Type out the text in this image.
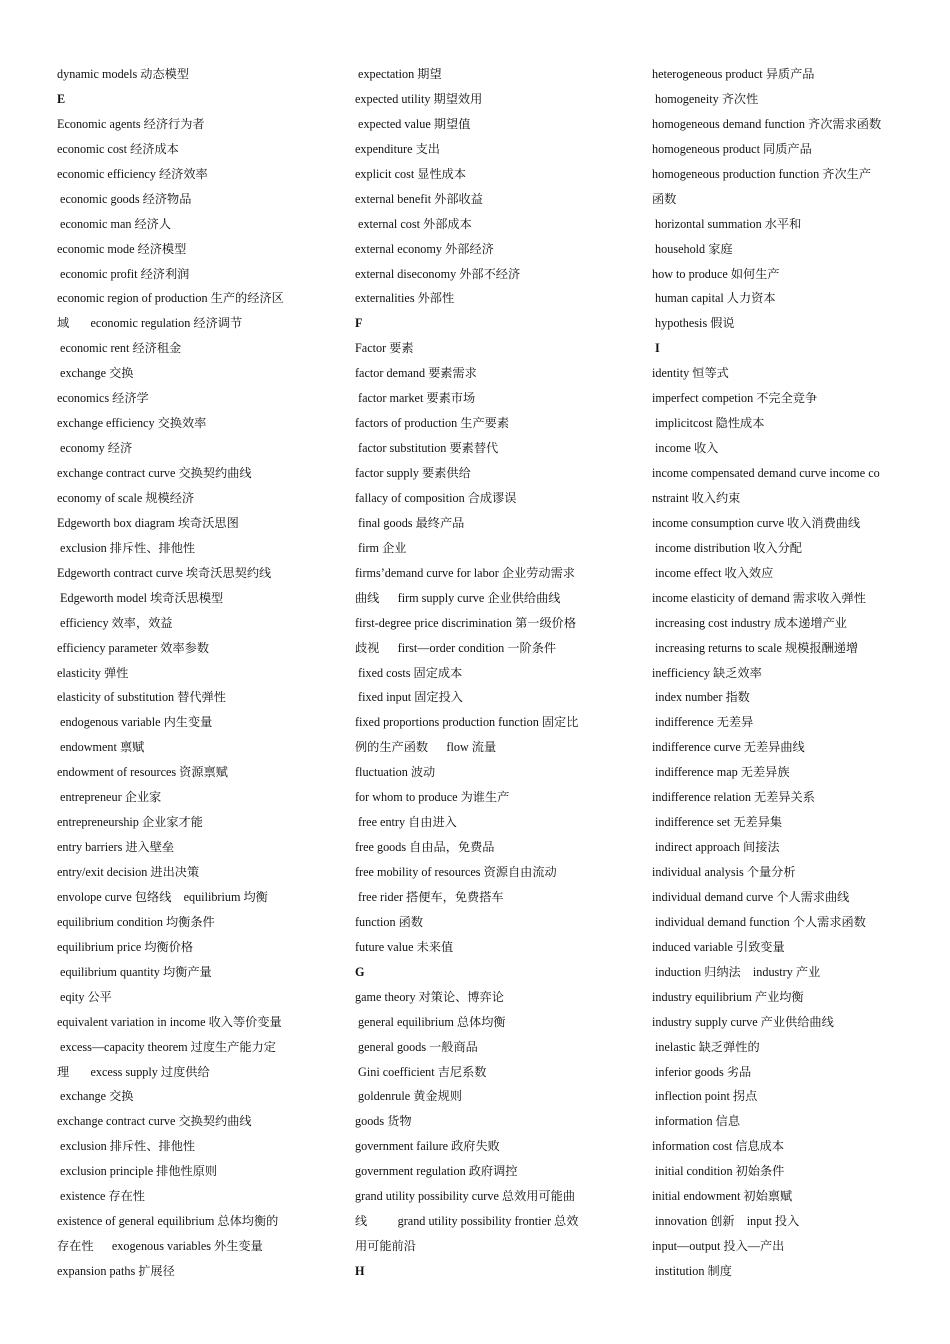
dynamic models 动态模型
E
Economic agents 经济行为者
economic cost 经济成本
economic efficiency 经济效率
economic goods 经济物品
economic man 经济人
economic mode 经济模型
economic profit 经济利润
economic region of production 生产的经济区
域       economic regulation 经济调节
economic rent 经济租金
exchange 交换
economics 经济学
exchange efficiency 交换效率
economy 经济
exchange contract curve 交换契约曲线
economy of scale 规模经济
Edgeworth box diagram 埃奇沃思图
exclusion 排斥性、排他性
Edgeworth contract curve 埃奇沃思契约线
Edgeworth model 埃奇沃思模型
efficiency 效率，效益
efficiency parameter 效率参数
elasticity 弹性
elasticity of substitution 替代弹性
endogenous variable 内生变量
endowment 禀赋
endowment of resources 资源禀赋
entrepreneur 企业家
entrepreneurship 企业家才能
entry barriers 进入壁垒
entry/exit decision 进出决策
envolope curve 包络线    equilibrium 均衡
equilibrium condition 均衡条件
equilibrium price 均衡价格
equilibrium quantity 均衡产量
eqity 公平
equivalent variation in income 收入等价变量
excess—capacity theorem 过度生产能力定
理       excess supply 过度供给
exchange 交换
exchange contract curve 交换契约曲线
exclusion 排斥性、排他性
exclusion principle 排他性原则
existence 存在性
existence of general equilibrium 总体均衡的
存在性      exogenous variables 外生变量
expansion paths 扩展径
expectation 期望
expected utility 期望效用
expected value 期望值
expenditure 支出
explicit cost 显性成本
external benefit 外部收益
external cost 外部成本
external economy 外部经济
external diseconomy 外部不经济
externalities 外部性
F
Factor 要素
factor demand 要素需求
factor market 要素市场
factors of production 生产要素
factor substitution 要素替代
factor supply 要素供给
fallacy of composition 合成谬误
final goods 最终产品
firm 企业
firms’demand curve for labor 企业劳动需求
曲线      firm supply curve 企业供给曲线
first-degree price discrimination 第一级价格
歧视      first—order condition 一阶条件
fixed costs 固定成本
fixed input 固定投入
fixed proportions production function 固定比
例的生产函数      flow 流量
fluctuation 波动
for whom to produce 为谁生产
free entry 自由进入
free goods 自由品，免费品
free mobility of resources 资源自由流动
free rider 搭便车，免费搭车
function 函数
future value 未来值
G
game theory 对策论、博弈论
general equilibrium 总体均衡
general goods 一般商品
Gini coefficient 吉尼系数
goldenrule 黄金规则
goods 货物
government failure 政府失败
government regulation 政府调控
grand utility possibility curve 总效用可能曲
线          grand utility possibility frontier 总效
用可能前沿
H
heterogeneous product 异质产品
homogeneity 齐次性
homogeneous demand function 齐次需求函数
homogeneous product 同质产品
homogeneous production function 齐次生产
函数
horizontal summation 水平和
household 家庭
how to produce 如何生产
human capital 人力资本
hypothesis 假说
I
identity 恒等式
imperfect competion 不完全竞争
implicitcost 隐性成本
income 收入
income compensated demand curve income co
nstraint 收入约束
income consumption curve 收入消费曲线
income distribution 收入分配
income effect 收入效应
income elasticity of demand 需求收入弹性
increasing cost industry 成本递增产业
increasing returns to scale 规模报酬递增
inefficiency 缺乏效率
index number 指数
indifference 无差异
indifference curve 无差异曲线
indifference map 无差异族
indifference relation 无差异关系
indifference set 无差异集
indirect approach 间接法
individual analysis 个量分析
individual demand curve 个人需求曲线
individual demand function 个人需求函数
induced variable 引致变量
induction 归纳法    industry 产业
industry equilibrium 产业均衡
industry supply curve 产业供给曲线
inelastic 缺乏弹性的
inferior goods 劣品
inflection point 拐点
information 信息
information cost 信息成本
initial condition 初始条件
initial endowment 初始禀赋
innovation 创新    input 投入
input—output 投入—产出
institution 制度
